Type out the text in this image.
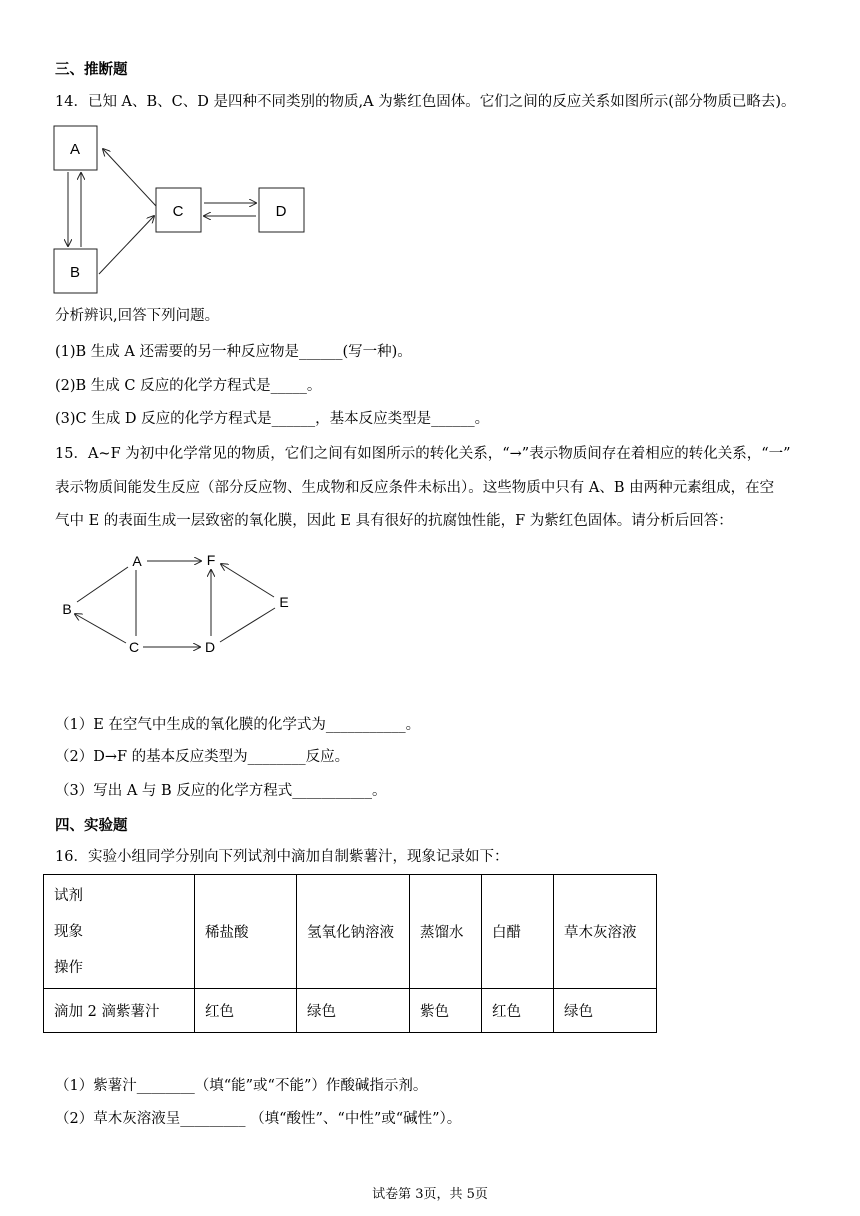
三、推断题
14．已知 A、B、C、D 是四种不同类别的物质,A 为紫红色固体。它们之间的反应关系如图所示(部分物质已略去)。
A
B
C	D
分析辨识,回答下列问题。
(1)B 生成 A 还需要的另一种反应物是______(写一种)。
(2)B 生成 C 反应的化学方程式是_____。
(3)C 生成 D 反应的化学方程式是______，基本反应类型是______。
15．A~F 为初中化学常见的物质，它们之间有如图所示的转化关系，“→”表示物质间存在着相应的转化关系，“一”
表示物质间能发生反应（部分反应物、生成物和反应条件未标出）。这些物质中只有 A、B 由两种元素组成，在空
气中 E 的表面生成一层致密的氧化膜，因此 E 具有很好的抗腐蚀性能，F 为紫红色固体。请分析后回答：
A	F
B	E
C	D
（1）E 在空气中生成的氧化膜的化学式为___________。
（2）D→F 的基本反应类型为________反应。
（3）写出 A 与 B 反应的化学方程式___________。
四、实验题
16．实验小组同学分别向下列试剂中滴加自制紫薯汁，现象记录如下：
试剂
现象
操作	稀盐酸	氢氧化钠溶液	蒸馏水	白醋	草木灰溶液
滴加 2 滴紫薯汁	红色	绿色	紫色	红色	绿色
（1）紫薯汁________（填“能”或“不能”）作酸碱指示剂。
（2）草木灰溶液呈_________ （填“酸性”、“中性”或“碱性”）。
试卷第 3页，共 5页
